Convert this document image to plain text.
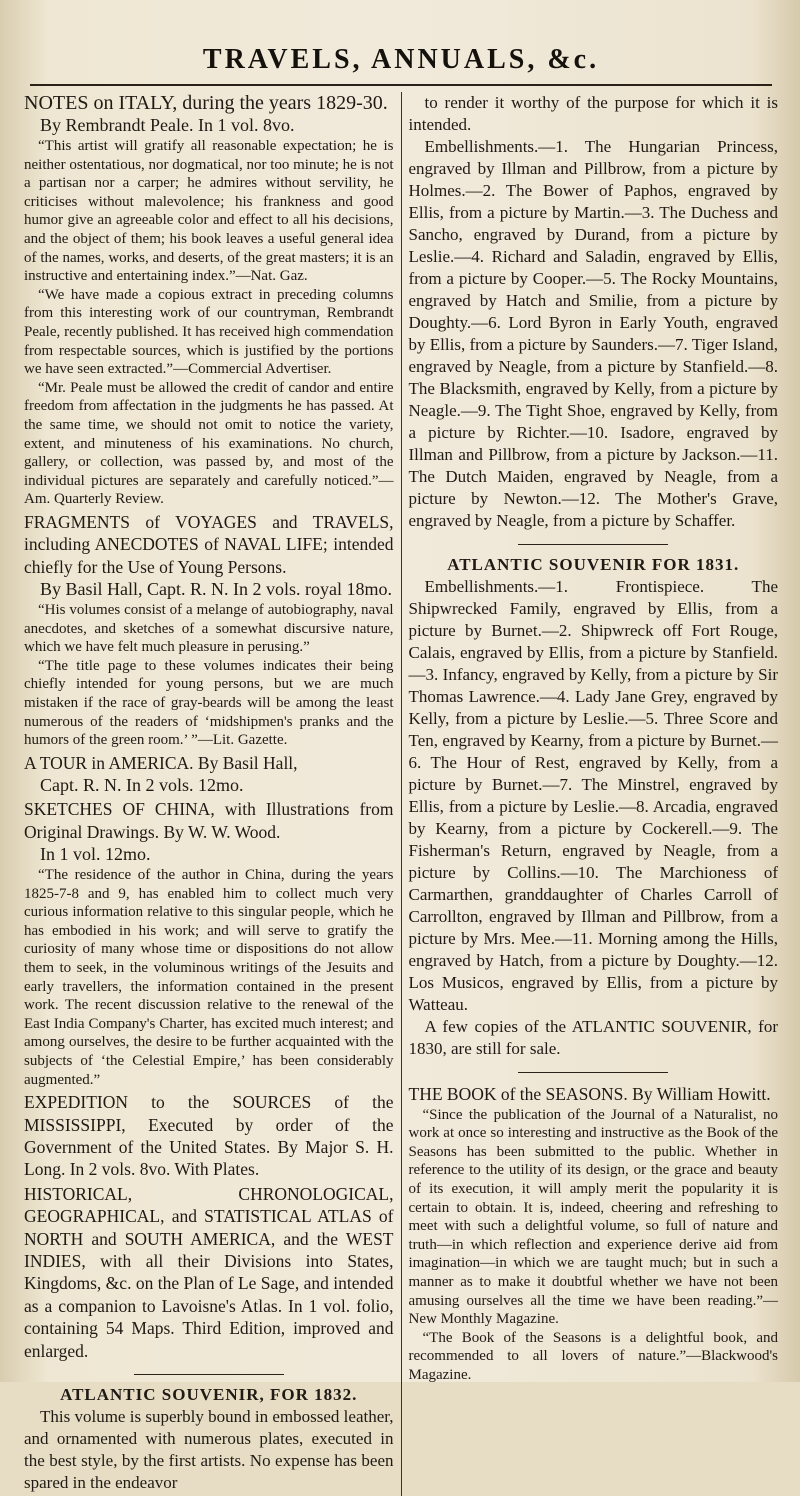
TRAVELS, ANNUALS, &c.

NOTES on ITALY, during the years 1829-30.

By Rembrandt Peale. In 1 vol. 8vo.

“This artist will gratify all reasonable expectation; he is neither ostentatious, nor dogmatical, nor too minute; he is not a partisan nor a carper; he admires without servility, he criticises without malevolence; his frankness and good humor give an agreeable color and effect to all his decisions, and the object of them; his book leaves a useful general idea of the names, works, and deserts, of the great masters; it is an instructive and entertaining index.”—Nat. Gaz.

“We have made a copious extract in preceding columns from this interesting work of our countryman, Rembrandt Peale, recently published. It has received high commendation from respectable sources, which is justified by the portions we have seen extracted.”—Commercial Advertiser.

“Mr. Peale must be allowed the credit of candor and entire freedom from affectation in the judgments he has passed. At the same time, we should not omit to notice the variety, extent, and minuteness of his examinations. No church, gallery, or collection, was passed by, and most of the individual pictures are separately and carefully noticed.”—Am. Quarterly Review.

FRAGMENTS of VOYAGES and TRAVELS, including ANECDOTES of NAVAL LIFE; intended chiefly for the Use of Young Persons.

By Basil Hall, Capt. R. N. In 2 vols. royal 18mo.

“His volumes consist of a melange of autobiography, naval anecdotes, and sketches of a somewhat discursive nature, which we have felt much pleasure in perusing.”

“The title page to these volumes indicates their being chiefly intended for young persons, but we are much mistaken if the race of gray-beards will be among the least numerous of the readers of ‘midshipmen's pranks and the humors of the green room.’ ”—Lit. Gazette.

A TOUR in AMERICA. By Basil Hall,

Capt. R. N. In 2 vols. 12mo.

SKETCHES OF CHINA, with Illustrations from Original Drawings. By W. W. Wood.

In 1 vol. 12mo.

“The residence of the author in China, during the years 1825-7-8 and 9, has enabled him to collect much very curious information relative to this singular people, which he has embodied in his work; and will serve to gratify the curiosity of many whose time or dispositions do not allow them to seek, in the voluminous writings of the Jesuits and early travellers, the information contained in the present work. The recent discussion relative to the renewal of the East India Company's Charter, has excited much interest; and among ourselves, the desire to be further acquainted with the subjects of ‘the Celestial Empire,’ has been considerably augmented.”

EXPEDITION to the SOURCES of the MISSISSIPPI, Executed by order of the Government of the United States. By Major S. H. Long. In 2 vols. 8vo. With Plates.

HISTORICAL, CHRONOLOGICAL, GEOGRAPHICAL, and STATISTICAL ATLAS of NORTH and SOUTH AMERICA, and the WEST INDIES, with all their Divisions into States, Kingdoms, &c. on the Plan of Le Sage, and intended as a companion to Lavoisne's Atlas. In 1 vol. folio, containing 54 Maps. Third Edition, improved and enlarged.

ATLANTIC SOUVENIR, FOR 1832.

This volume is superbly bound in embossed leather, and ornamented with numerous plates, executed in the best style, by the first artists. No expense has been spared in the endeavor

to render it worthy of the purpose for which it is intended.

Embellishments.—1. The Hungarian Princess, engraved by Illman and Pillbrow, from a picture by Holmes.—2. The Bower of Paphos, engraved by Ellis, from a picture by Martin.—3. The Duchess and Sancho, engraved by Durand, from a picture by Leslie.—4. Richard and Saladin, engraved by Ellis, from a picture by Cooper.—5. The Rocky Mountains, engraved by Hatch and Smilie, from a picture by Doughty.—6. Lord Byron in Early Youth, engraved by Ellis, from a picture by Saunders.—7. Tiger Island, engraved by Neagle, from a picture by Stanfield.—8. The Blacksmith, engraved by Kelly, from a picture by Neagle.—9. The Tight Shoe, engraved by Kelly, from a picture by Richter.—10. Isadore, engraved by Illman and Pillbrow, from a picture by Jackson.—11. The Dutch Maiden, engraved by Neagle, from a picture by Newton.—12. The Mother's Grave, engraved by Neagle, from a picture by Schaffer.

ATLANTIC SOUVENIR FOR 1831.

Embellishments.—1. Frontispiece. The Shipwrecked Family, engraved by Ellis, from a picture by Burnet.—2. Shipwreck off Fort Rouge, Calais, engraved by Ellis, from a picture by Stanfield.—3. Infancy, engraved by Kelly, from a picture by Sir Thomas Lawrence.—4. Lady Jane Grey, engraved by Kelly, from a picture by Leslie.—5. Three Score and Ten, engraved by Kearny, from a picture by Burnet.—6. The Hour of Rest, engraved by Kelly, from a picture by Burnet.—7. The Minstrel, engraved by Ellis, from a picture by Leslie.—8. Arcadia, engraved by Kearny, from a picture by Cockerell.—9. The Fisherman's Return, engraved by Neagle, from a picture by Collins.—10. The Marchioness of Carmarthen, granddaughter of Charles Carroll of Carrollton, engraved by Illman and Pillbrow, from a picture by Mrs. Mee.—11. Morning among the Hills, engraved by Hatch, from a picture by Doughty.—12. Los Musicos, engraved by Ellis, from a picture by Watteau.

A few copies of the ATLANTIC SOUVENIR, for 1830, are still for sale.

THE BOOK of the SEASONS. By William Howitt.

“Since the publication of the Journal of a Naturalist, no work at once so interesting and instructive as the Book of the Seasons has been submitted to the public. Whether in reference to the utility of its design, or the grace and beauty of its execution, it will amply merit the popularity it is certain to obtain. It is, indeed, cheering and refreshing to meet with such a delightful volume, so full of nature and truth—in which reflection and experience derive aid from imagination—in which we are taught much; but in such a manner as to make it doubtful whether we have not been amusing ourselves all the time we have been reading.”—New Monthly Magazine.

“The Book of the Seasons is a delightful book, and recommended to all lovers of nature.”—Blackwood's Magazine.
